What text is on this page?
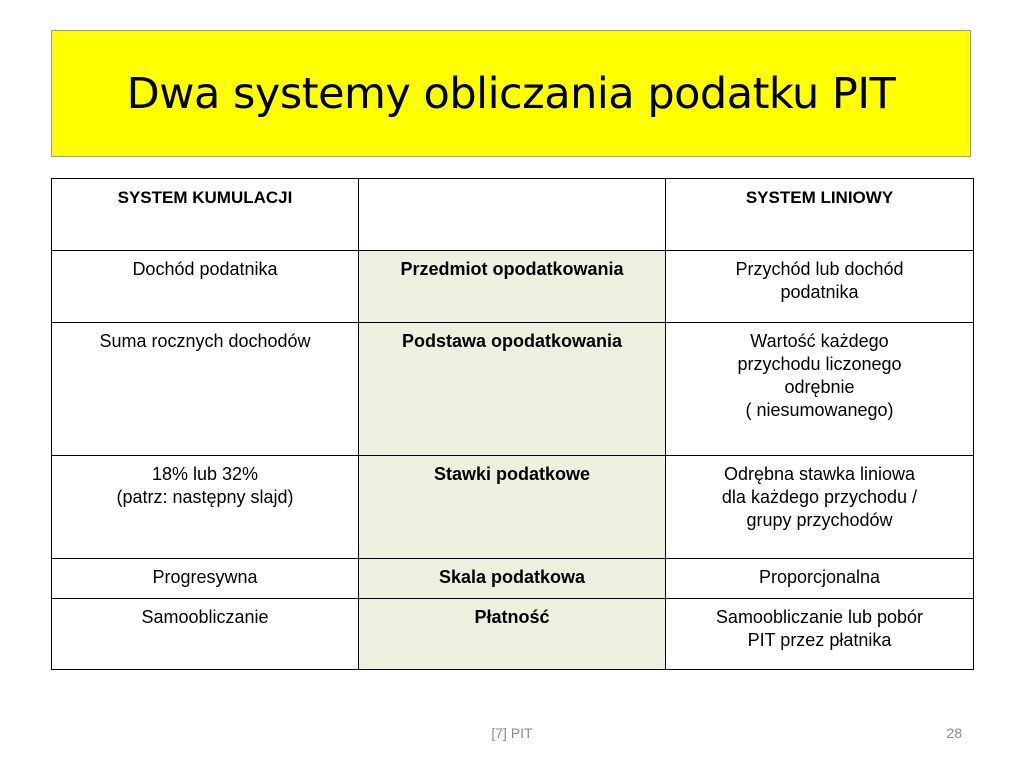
Dwa systemy obliczania podatku PIT
SYSTEM KUMULACJI		SYSTEM LINIOWY

Dochód podatnika	Przedmiot opodatkowania	Przychód lub dochód
podatnika

Suma rocznych dochodów	Podstawa opodatkowania	Wartość każdego
przychodu liczonego
odrębnie
( niesumowanego)

18% lub 32%
(patrz: następny slajd)	Stawki podatkowe	Odrębna stawka liniowa
dla każdego przychodu /
grupy przychodów

Progresywna	Skala podatkowa	Proporcjonalna

Samoobliczanie	Płatność	Samoobliczanie lub pobór
PIT przez płatnika
[7] PIT	28
